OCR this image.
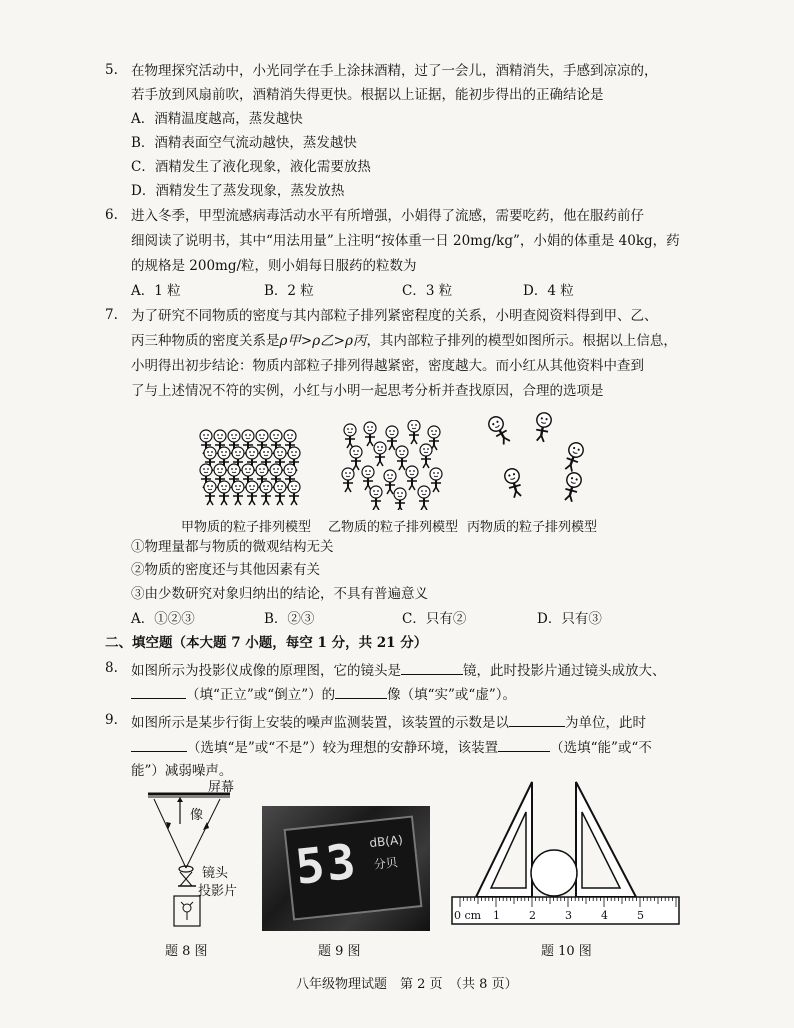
5. 在物理探究活动中，小光同学在手上涂抹酒精，过了一会儿，酒精消失，手感到凉凉的，
若手放到风扇前吹，酒精消失得更快。根据以上证据，能初步得出的正确结论是
A．酒精温度越高，蒸发越快
B．酒精表面空气流动越快，蒸发越快
C．酒精发生了液化现象，液化需要放热
D．酒精发生了蒸发现象，蒸发放热
6. 进入冬季，甲型流感病毒活动水平有所增强，小娟得了流感，需要吃药，他在服药前仔
细阅读了说明书，其中“用法用量”上注明“按体重一日 20mg/kg”，小娟的体重是 40kg，药
的规格是 200mg/粒，则小娟每日服药的粒数为
A．1 粒	B．2 粒	C．3 粒	D．4 粒
7. 为了研究不同物质的密度与其内部粒子排列紧密程度的关系，小明查阅资料得到甲、乙、
丙三种物质的密度关系是ρ甲>ρ乙>ρ丙，其内部粒子排列的模型如图所示。根据以上信息，
小明得出初步结论：物质内部粒子排列得越紧密，密度越大。而小红从其他资料中查到
了与上述情况不符的实例，小红与小明一起思考分析并查找原因，合理的选项是
甲物质的粒子排列模型 乙物质的粒子排列模型 丙物质的粒子排列模型
①物理量都与物质的微观结构无关
②物质的密度还与其他因素有关
③由少数研究对象归纳出的结论，不具有普遍意义
A．①②③	B．②③	C．只有②	D．只有③
二、填空题（本大题 7 小题，每空 1 分，共 21 分）
8. 如图所示为投影仪成像的原理图，它的镜头是	镜，此时投影片通过镜头成放大、
（填“正立”或“倒立”）的	像（填“实”或“虚”）。
9. 如图所示是某步行街上安装的噪声监测装置，该装置的示数是以	为单位，此时
（选填“是”或“不是”）较为理想的安静环境，该装置	（选填“能”或“不
能”）减弱噪声。
屏幕
像
镜头
投影片
题 8 图
53 dB(A)
分贝
题 9 图
0 cm 1	2	3	4	5
题 10 图
八年级物理试题　第 2 页　（共 8 页）
